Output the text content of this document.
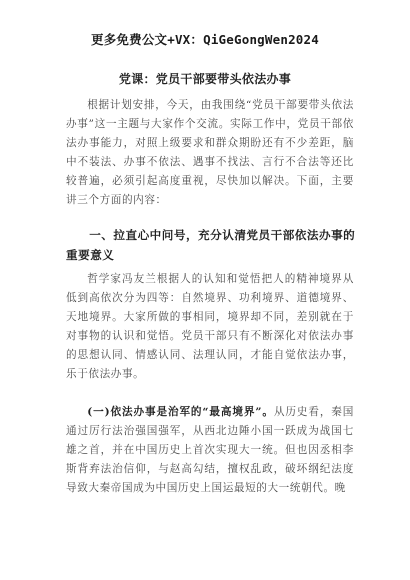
更多免费公文+VX：QiGeGongWen2024
党课：党员干部要带头依法办事
根据计划安排，今天，由我围绕“党员干部要带头依法办事”这一主题与大家作个交流。实际工作中，党员干部依法办事能力，对照上级要求和群众期盼还有不少差距，脑中不装法、办事不依法、遇事不找法、言行不合法等还比较普遍，必须引起高度重视，尽快加以解决。下面，主要讲三个方面的内容：
一、拉直心中问号，充分认清党员干部依法办事的重要意义
哲学家冯友兰根据人的认知和觉悟把人的精神境界从低到高依次分为四等：自然境界、功利境界、道德境界、天地境界。大家所做的事相同，境界却不同，差别就在于对事物的认识和觉悟。党员干部只有不断深化对依法办事的思想认同、情感认同、法理认同，才能自觉依法办事，乐于依法办事。
(一)依法办事是治军的“最高境界”。从历史看，秦国通过厉行法治强国强军，从西北边陲小国一跃成为战国七雄之首，并在中国历史上首次实现大一统。但也因丞相李斯背弃法治信仰，与赵高勾结，擅权乱政，破坏纲纪法度导致大秦帝国成为中国历史上国运最短的大一统朝代。晚
